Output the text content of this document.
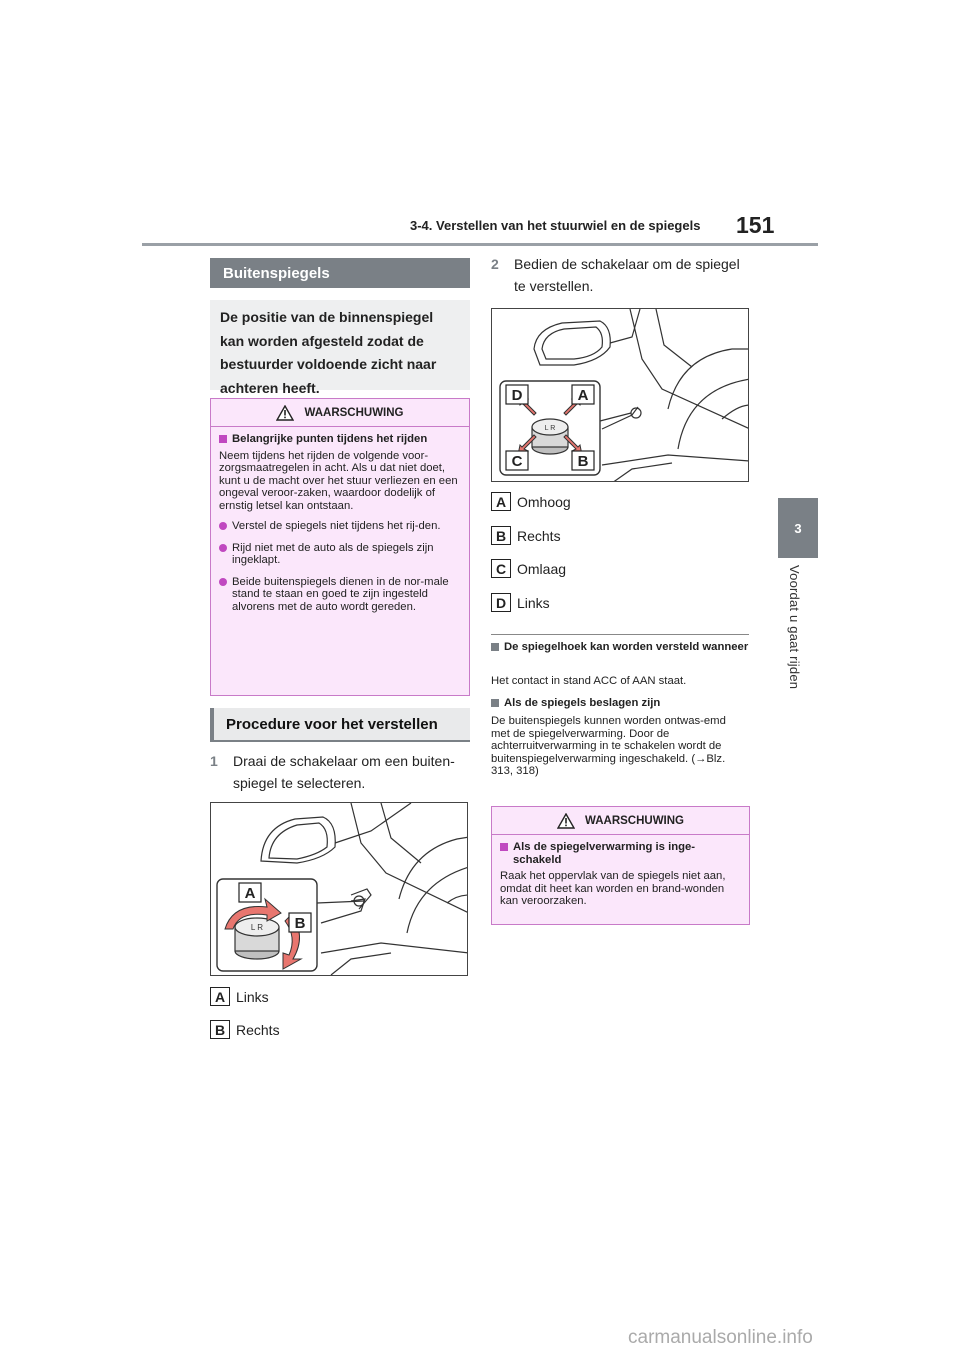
3-4. Verstellen van het stuurwiel en de spiegels 151
3
Voordat u gaat rijden
Buitenspiegels
De positie van de binnenspiegel kan worden afgesteld zodat de bestuurder voldoende zicht naar achteren heeft.
WAARSCHUWING
Belangrijke punten tijdens het rijden
Neem tijdens het rijden de volgende voor-zorgsmaatregelen in acht. Als u dat niet doet, kunt u de macht over het stuur verliezen en een ongeval veroor-zaken, waardoor dodelijk of ernstig letsel kan ontstaan.
Verstel de spiegels niet tijdens het rij-den.
Rijd niet met de auto als de spiegels zijn ingeklapt.
Beide buitenspiegels dienen in de nor-male stand te staan en goed te zijn ingesteld alvorens met de auto wordt gereden.
Procedure voor het verstellen
1 Draai de schakelaar om een buiten-spiegel te selecteren.
L R
A
B
A Links
B Rechts
2 Bedien de schakelaar om de spiegel te verstellen.
L R
D	A
C	B
A Omhoog
B Rechts
C Omlaag
D Links
De spiegelhoek kan worden versteld wanneer
Het contact in stand ACC of AAN staat.
Als de spiegels beslagen zijn
De buitenspiegels kunnen worden ontwas-emd met de spiegelverwarming. Door de achterruitverwarming in te schakelen wordt de buitenspiegelverwarming ingeschakeld. (→Blz. 313, 318)
WAARSCHUWING
Als de spiegelverwarming is inge-schakeld
Raak het oppervlak van de spiegels niet aan, omdat dit heet kan worden en brand-wonden kan veroorzaken.
carmanualsonline.info
